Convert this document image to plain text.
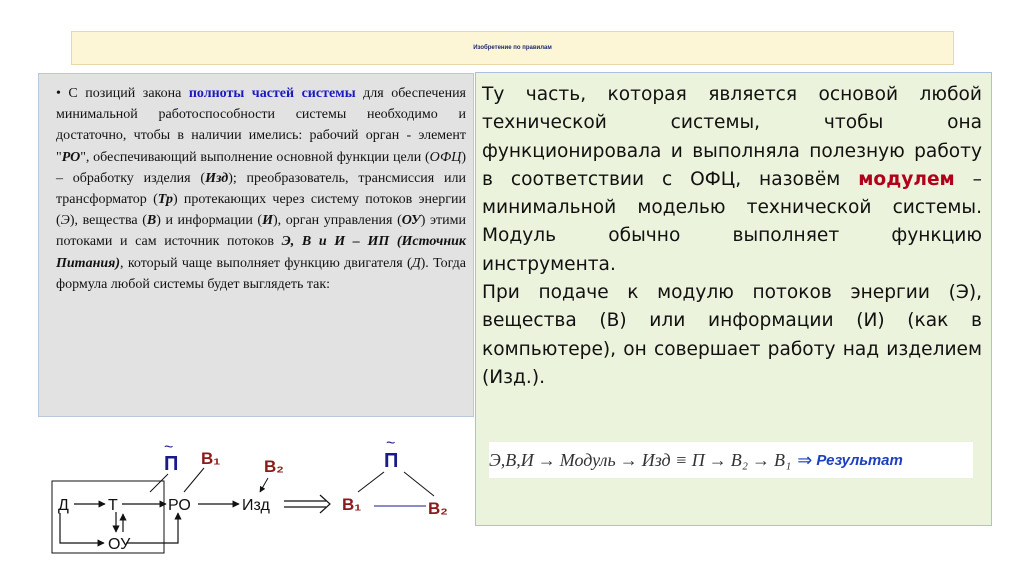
Изобретение по правилам
• С позиций закона полноты частей системы для обеспечения минимальной работоспособности системы необходимо и достаточно, чтобы в наличии имелись: рабочий орган - элемент "РО", обеспечивающий выполнение основной функции цели (ОФЦ) – обработку изделия (Изд); преобразователь, трансмиссия или трансформатор (Тр) протекающих через систему потоков энергии (Э), вещества (В) и информации (И), орган управления (ОУ) этими потоками и сам источник потоков Э, В и И – ИП (Источник Питания), который чаще выполняет функцию двигателя (Д). Тогда формула любой системы будет выглядеть так:

Ту часть, которая является основой любой технической системы, чтобы она функционировала и выполняла полезную работу в соответствии с ОФЦ, назовём модулем – минимальной моделью технической системы. Модуль обычно выполняет функцию инструмента.

При подаче к модулю потоков энергии (Э), вещества (В) или информации (И) (как в компьютере), он совершает работу над изделием (Изд.).

Э,В,И → Модуль → Изд ≡ П → В₂ → В₁ ⇒ Результат
Д Т	РО	Изд
ОУ
~
П В₁	В₂
~
П
В₁	В₂
